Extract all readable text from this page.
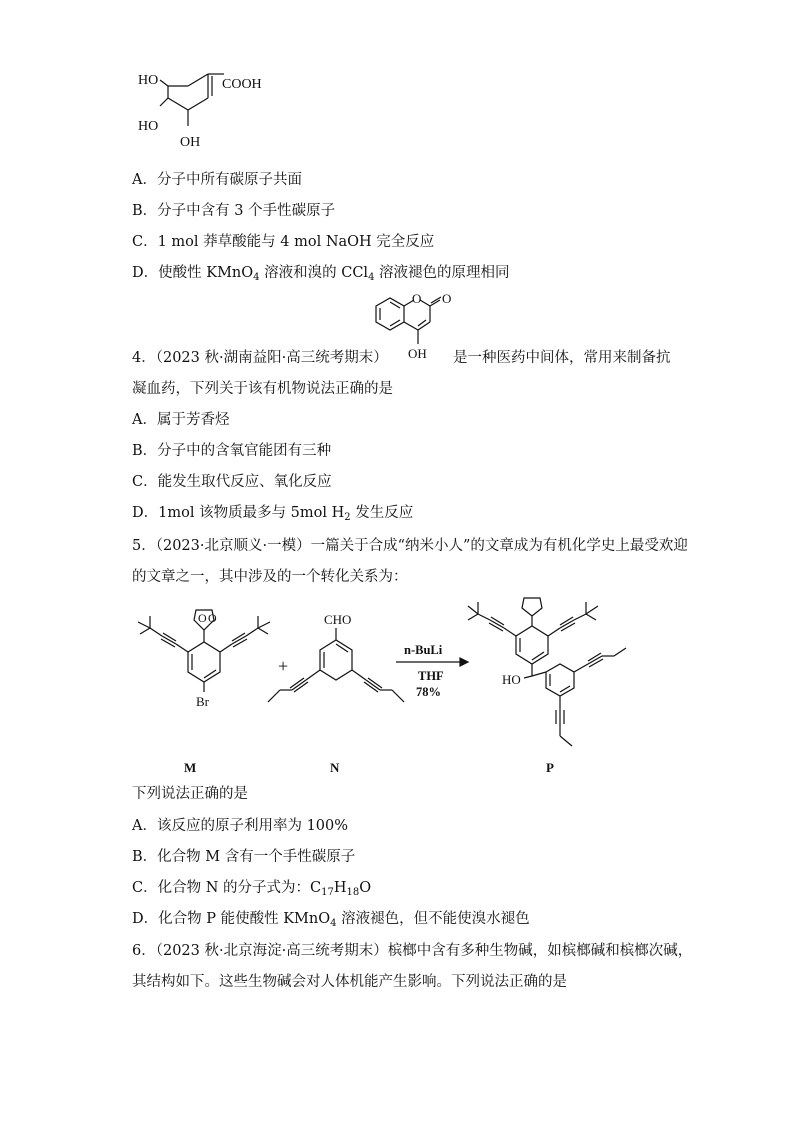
HO
HO
OH
COOH
A．分子中所有碳原子共面
B．分子中含有 3 个手性碳原子
C．1 mol 莽草酸能与 4 mol NaOH 完全反应
D．使酸性 KMnO$_4$ 溶液和溴的 CCl$_4$ 溶液褪色的原理相同
O O
OH
4．（2023 秋·湖南益阳·高三统考期末）	是一种医药中间体，常用来制备抗
凝血药，下列关于该有机物说法正确的是
A．属于芳香烃
B．分子中的含氧官能团有三种
C．能发生取代反应、氧化反应
D．1mol 该物质最多与 5mol $H_2$ 发生反应
5．（2023·北京顺义·一模）一篇关于合成“纳米小人”的文章成为有机化学史上最受欢迎
的文章之一，其中涉及的一个转化关系为：
O O
Br
+
CHO
n-BuLi
THF
78%
HO
M	N	P
下列说法正确的是
A．该反应的原子利用率为 100%
B．化合物 M 含有一个手性碳原子
C．化合物 N 的分子式为：$C_{17}H_{18}O$
D．化合物 P 能使酸性 KMnO$_4$ 溶液褪色，但不能使溴水褪色
6．（2023 秋·北京海淀·高三统考期末）槟榔中含有多种生物碱，如槟榔碱和槟榔次碱，
其结构如下。这些生物碱会对人体机能产生影响。下列说法正确的是
